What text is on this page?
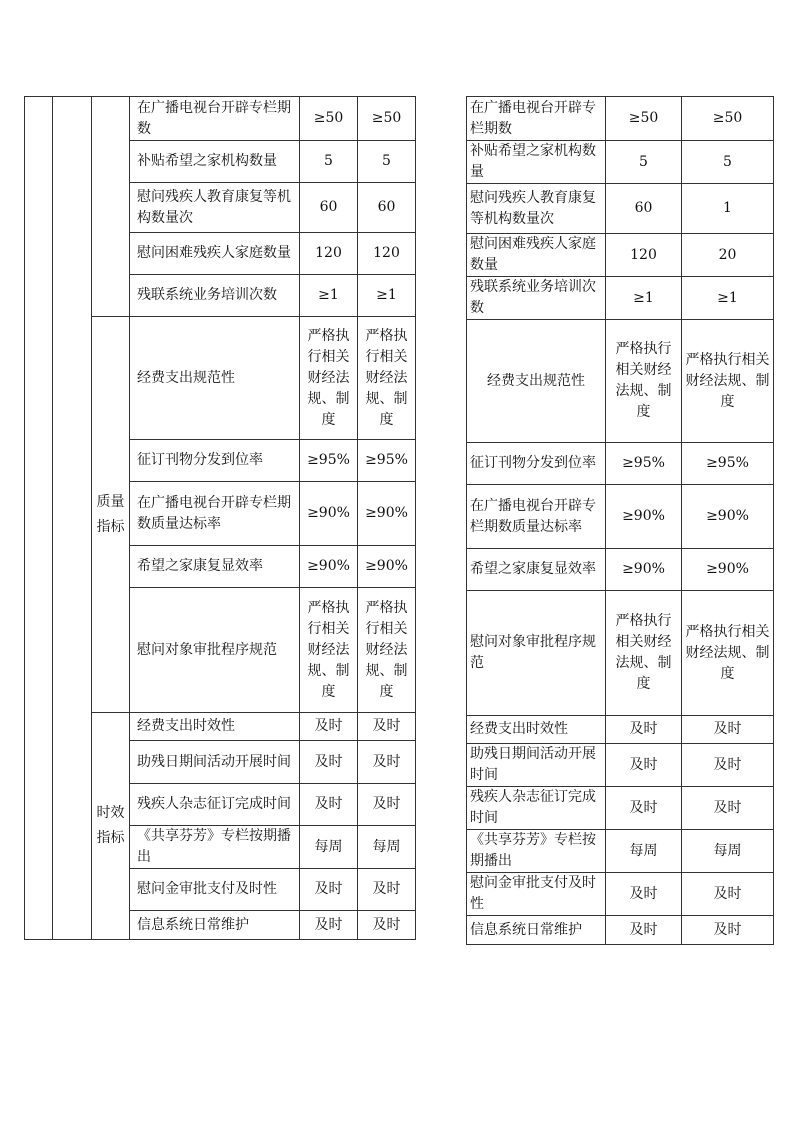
			在广播电视台开辟专栏期数	≥50	≥50
			补贴希望之家机构数量	5	5
			慰问残疾人教育康复等机构数量次	60	60
			慰问困难残疾人家庭数量	120	120
			残联系统业务培训次数	≥1	≥1
		质量指标	经费支出规范性	严格执行相关财经法规、制度	严格执行相关财经法规、制度
			征订刊物分发到位率	≥95%	≥95%
			在广播电视台开辟专栏期数质量达标率	≥90%	≥90%
			希望之家康复显效率	≥90%	≥90%
			慰问对象审批程序规范	严格执行相关财经法规、制度	严格执行相关财经法规、制度
		时效指标	经费支出时效性	及时	及时
			助残日期间活动开展时间	及时	及时
			残疾人杂志征订完成时间	及时	及时
			《共享芬芳》专栏按期播出	每周	每周
			慰问金审批支付及时性	及时	及时
			信息系统日常维护	及时	及时
在广播电视台开辟专栏期数	≥50	≥50
补贴希望之家机构数量	5	5
慰问残疾人教育康复等机构数量次	60	1
慰问困难残疾人家庭数量	120	20
残联系统业务培训次数	≥1	≥1
经费支出规范性	严格执行相关财经法规、制度	严格执行相关财经法规、制度
征订刊物分发到位率	≥95%	≥95%
在广播电视台开辟专栏期数质量达标率	≥90%	≥90%
希望之家康复显效率	≥90%	≥90%
慰问对象审批程序规范	严格执行相关财经法规、制度	严格执行相关财经法规、制度
经费支出时效性	及时	及时
助残日期间活动开展时间	及时	及时
残疾人杂志征订完成时间	及时	及时
《共享芬芳》专栏按期播出	每周	每周
慰问金审批支付及时性	及时	及时
信息系统日常维护	及时	及时
